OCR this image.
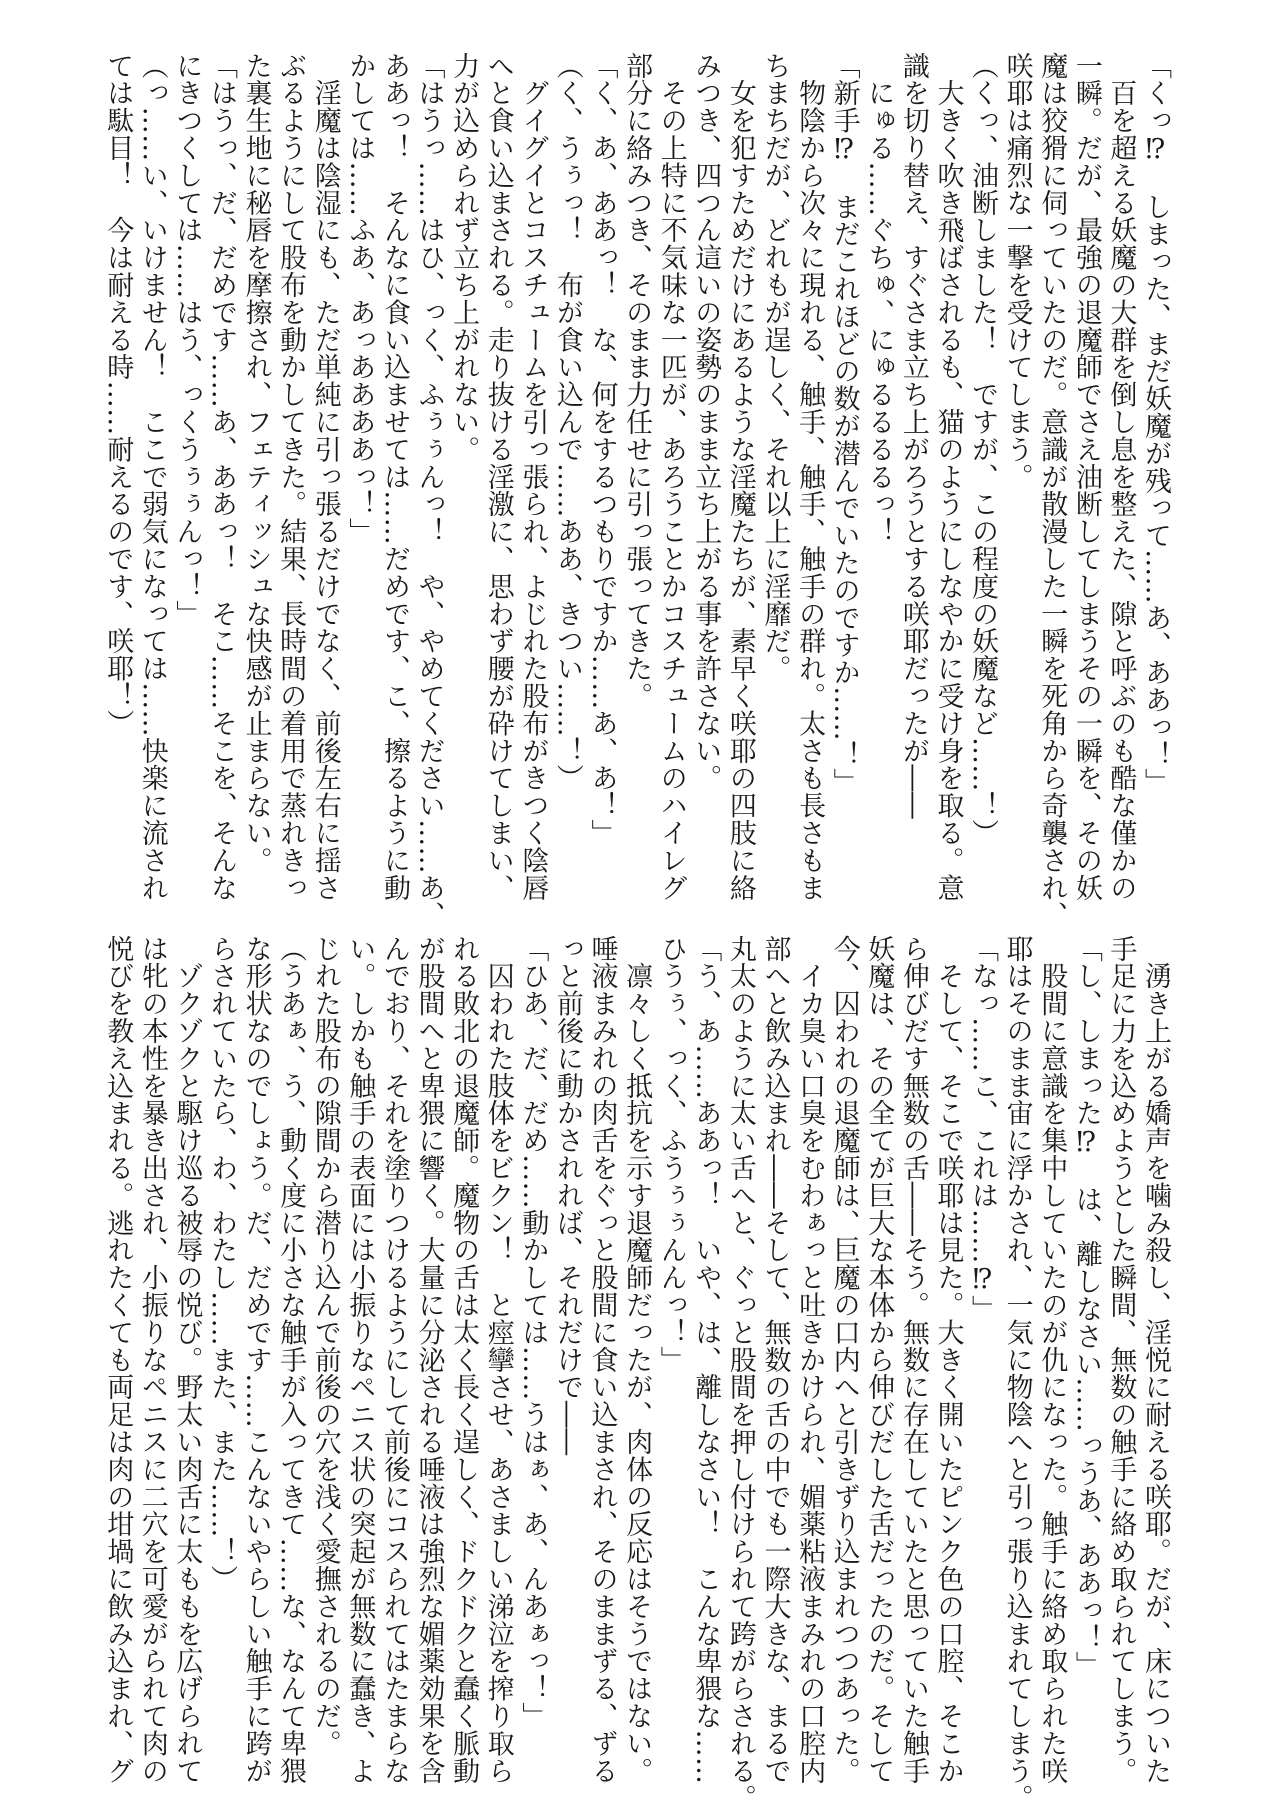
「くっ⁉　しまった、まだ妖魔が残って……あ、ああっ！」
　百を超える妖魔の大群を倒し息を整えた、隙と呼ぶのも酷な僅かの
一瞬。だが、最強の退魔師でさえ油断してしまうその一瞬を、その妖
魔は狡猾に伺っていたのだ。意識が散漫した一瞬を死角から奇襲され、
咲耶は痛烈な一撃を受けてしまう。
（くっ、油断しました！　ですが、この程度の妖魔など……！）
　大きく吹き飛ばされるも、猫のようにしなやかに受け身を取る。意
識を切り替え、すぐさま立ち上がろうとする咲耶だったが――
　にゅる……ぐちゅ、にゅるるるるっ！
「新手⁉　まだこれほどの数が潜んでいたのですか……！」
　物陰から次々に現れる、触手、触手、触手の群れ。太さも長さもま
ちまちだが、どれもが逞しく、それ以上に淫靡だ。
　女を犯すためだけにあるような淫魔たちが、素早く咲耶の四肢に絡
みつき、四つん這いの姿勢のまま立ち上がる事を許さない。
　その上特に不気味な一匹が、あろうことかコスチュームのハイレグ
部分に絡みつき、そのまま力任せに引っ張ってきた。
「く、あ、ああっ！　な、何をするつもりですか……あ、あ！」
（く、うぅっ！　布が食い込んで……ああ、きつい……！）
　グイグイとコスチュームを引っ張られ、よじれた股布がきつく陰唇
へと食い込まされる。走り抜ける淫激に、思わず腰が砕けてしまい、
力が込められず立ち上がれない。
「はうっ……はひ、っく、ふぅぅんっ！　や、やめてください……あ、
ああっ！　そんなに食い込ませては……だめです、こ、擦るように動
かしては……ふあ、あっああああっ！」
　淫魔は陰湿にも、ただ単純に引っ張るだけでなく、前後左右に揺さ
ぶるようにして股布を動かしてきた。結果、長時間の着用で蒸れきっ
た裏生地に秘唇を摩擦され、フェティッシュな快感が止まらない。
「はうっ、だ、だめです……あ、ああっ！　そこ……そこを、そんな
にきつくしては……はう、っくうぅぅんっ！」
（っ……い、いけません！　ここで弱気になっては……快楽に流され
ては駄目！　今は耐える時……耐えるのです、咲耶！）
　湧き上がる嬌声を噛み殺し、淫悦に耐える咲耶。だが、床についた
手足に力を込めようとした瞬間、無数の触手に絡め取られてしまう。
「し、しまった⁉　は、離しなさい……っうあ、ああっ！」
　股間に意識を集中していたのが仇になった。触手に絡め取られた咲
耶はそのまま宙に浮かされ、一気に物陰へと引っ張り込まれてしまう。
「なっ……こ、これは……⁉」
　そして、そこで咲耶は見た。大きく開いたピンク色の口腔、そこか
ら伸びだす無数の舌――そう。無数に存在していたと思っていた触手
妖魔は、その全てが巨大な本体から伸びだした舌だったのだ。そして
今、囚われの退魔師は、巨魔の口内へと引きずり込まれつつあった。
　イカ臭い口臭をむわぁっと吐きかけられ、媚薬粘液まみれの口腔内
部へと飲み込まれ――そして、無数の舌の中でも一際大きな、まるで
丸太のように太い舌へと、ぐっと股間を押し付けられて跨がらされる。
「う、あ……ああっ！　いや、は、離しなさい！　こんな卑猥な……
ひうぅ、っく、ふうぅぅんんっ！」
　凛々しく抵抗を示す退魔師だったが、肉体の反応はそうではない。
唾液まみれの肉舌をぐっと股間に食い込まされ、そのままずる、ずる
っと前後に動かされれば、それだけで――
「ひあ、だ、だめ……動かしては……うはぁ、あ、んあぁっ！」
　囚われた肢体をビクン！　と痙攣させ、あさましい涕泣を搾り取ら
れる敗北の退魔師。魔物の舌は太く長く逞しく、ドクドクと蠢く脈動
が股間へと卑猥に響く。大量に分泌される唾液は強烈な媚薬効果を含
んでおり、それを塗りつけるようにして前後にコスられてはたまらな
い。しかも触手の表面には小振りなペニス状の突起が無数に蠢き、よ
じれた股布の隙間から潜り込んで前後の穴を浅く愛撫されるのだ。
（うあぁ、う、動く度に小さな触手が入ってきて……な、なんて卑猥
な形状なのでしょう。だ、だめです……こんないやらしい触手に跨が
らされていたら、わ、わたし……また、また……！）
　ゾクゾクと駆け巡る被辱の悦び。野太い肉舌に太ももを広げられて
は牝の本性を暴き出され、小振りなペニスに二穴を可愛がられて肉の
悦びを教え込まれる。逃れたくても両足は肉の坩堝に飲み込まれ、グ
